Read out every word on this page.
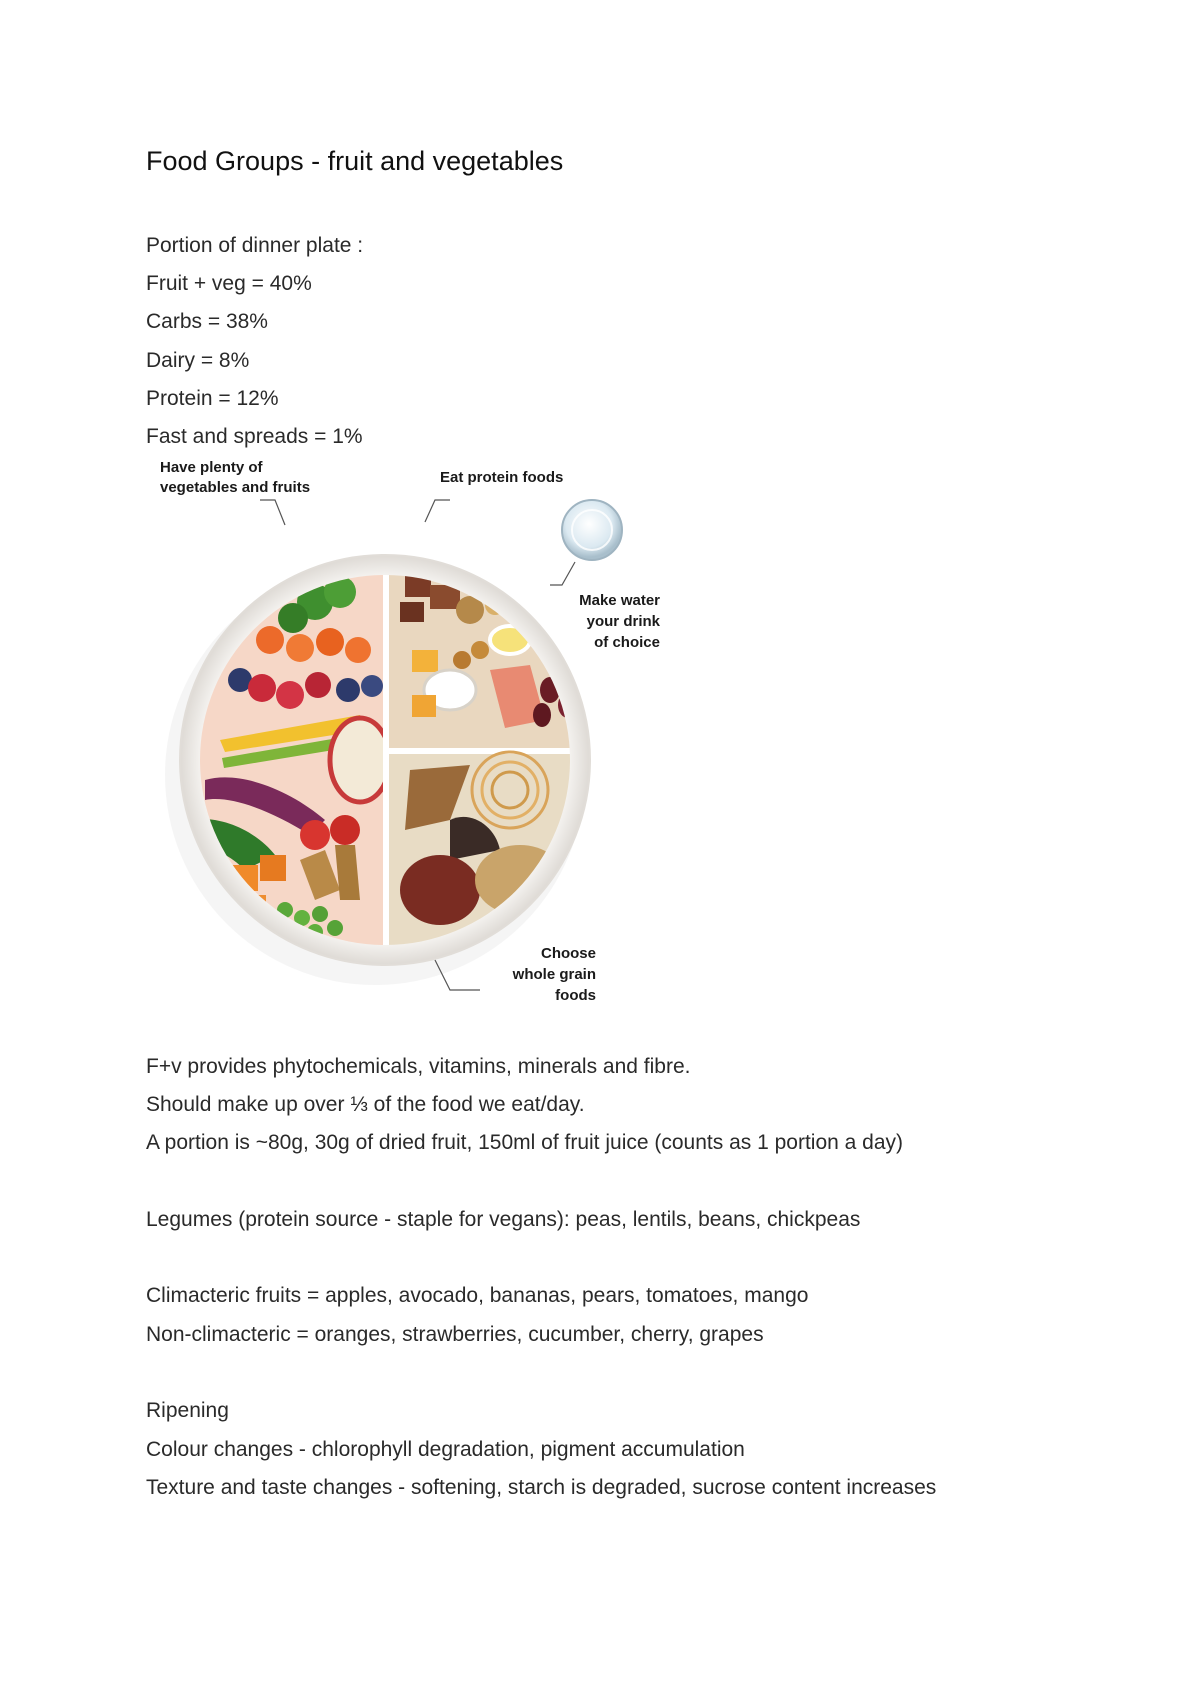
Food Groups - fruit and vegetables
Portion of dinner plate :
Fruit + veg = 40%
Carbs = 38%
Dairy = 8%
Protein = 12%
Fast and spreads = 1%
Have plenty of
vegetables and fruits
Eat protein foods
Make water
your drink
of choice
Choose
whole grain
foods
F+v provides phytochemicals, vitamins, minerals and fibre.
Should make up over ⅓ of the food we eat/day.
A portion is ~80g, 30g of dried fruit, 150ml of fruit juice (counts as 1 portion a day)
Legumes (protein source - staple for vegans): peas, lentils, beans, chickpeas
Climacteric fruits = apples, avocado, bananas, pears, tomatoes, mango
Non-climacteric = oranges, strawberries, cucumber, cherry, grapes
Ripening
Colour changes - chlorophyll degradation, pigment accumulation
Texture and taste changes - softening, starch is degraded, sucrose content increases
